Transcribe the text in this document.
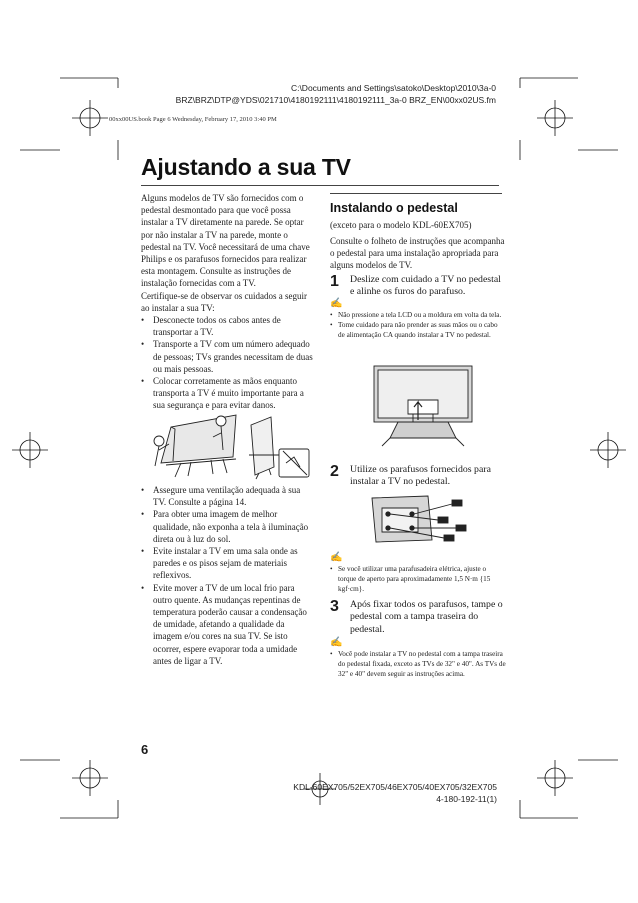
C:\Documents and Settings\satoko\Desktop\2010\3a-0
BRZ\BRZ\DTP@YDS\021710\4180192111\4180192111_3a-0 BRZ_EN\00xx02US.fm
00xx00US.book Page 6 Wednesday, February 17, 2010 3:40 PM
Ajustando a sua TV

Alguns modelos de TV são fornecidos com o pedestal desmontado para que você possa instalar a TV diretamente na parede. Se optar por não instalar a TV na parede, monte o pedestal na TV. Você necessitará de uma chave Philips e os parafusos fornecidos para realizar esta montagem. Consulte as instruções de instalação fornecidas com a TV.

Certifique-se de observar os cuidados a seguir ao instalar a sua TV:

• Desconecte todos os cabos antes de transportar a TV.
• Transporte a TV com um número adequado de pessoas; TVs grandes necessitam de duas ou mais pessoas.
• Colocar corretamente as mãos enquanto transporta a TV é muito importante para a sua segurança e para evitar danos.
• Assegure uma ventilação adequada à sua TV. Consulte a página 14.
• Para obter uma imagem de melhor qualidade, não exponha a tela à iluminação direta ou à luz do sol.
• Evite instalar a TV em uma sala onde as paredes e os pisos sejam de materiais reflexivos.
• Evite mover a TV de um local frio para outro quente. As mudanças repentinas de temperatura poderão causar a condensação de umidade, afetando a qualidade da imagem e/ou cores na sua TV. Se isto ocorrer, espere evaporar toda a umidade antes de ligar a TV.
Instalando o pedestal
(exceto para o modelo KDL-60EX705)
Consulte o folheto de instruções que acompanha o pedestal para uma instalação apropriada para alguns modelos de TV.
1	Deslize com cuidado a TV no pedestal e alinhe os furos do parafuso.
✍
• Não pressione a tela LCD ou a moldura em volta da tela.
• Tome cuidado para não prender as suas mãos ou o cabo de alimentação CA quando instalar a TV no pedestal.
2	Utilize os parafusos fornecidos para instalar a TV no pedestal.
✍
• Se você utilizar uma parafusadeira elétrica, ajuste o torque de aperto para aproximadamente 1,5 N·m {15 kgf·cm}.
3	Após fixar todos os parafusos, tampe o pedestal com a tampa traseira do pedestal.
✍
• Você pode instalar a TV no pedestal com a tampa traseira do pedestal fixada, exceto as TVs de 32" e 40". As TVs de 32" e 40" devem seguir as instruções acima.
6
KDL-60EX705/52EX705/46EX705/40EX705/32EX705
4-180-192-11(1)
